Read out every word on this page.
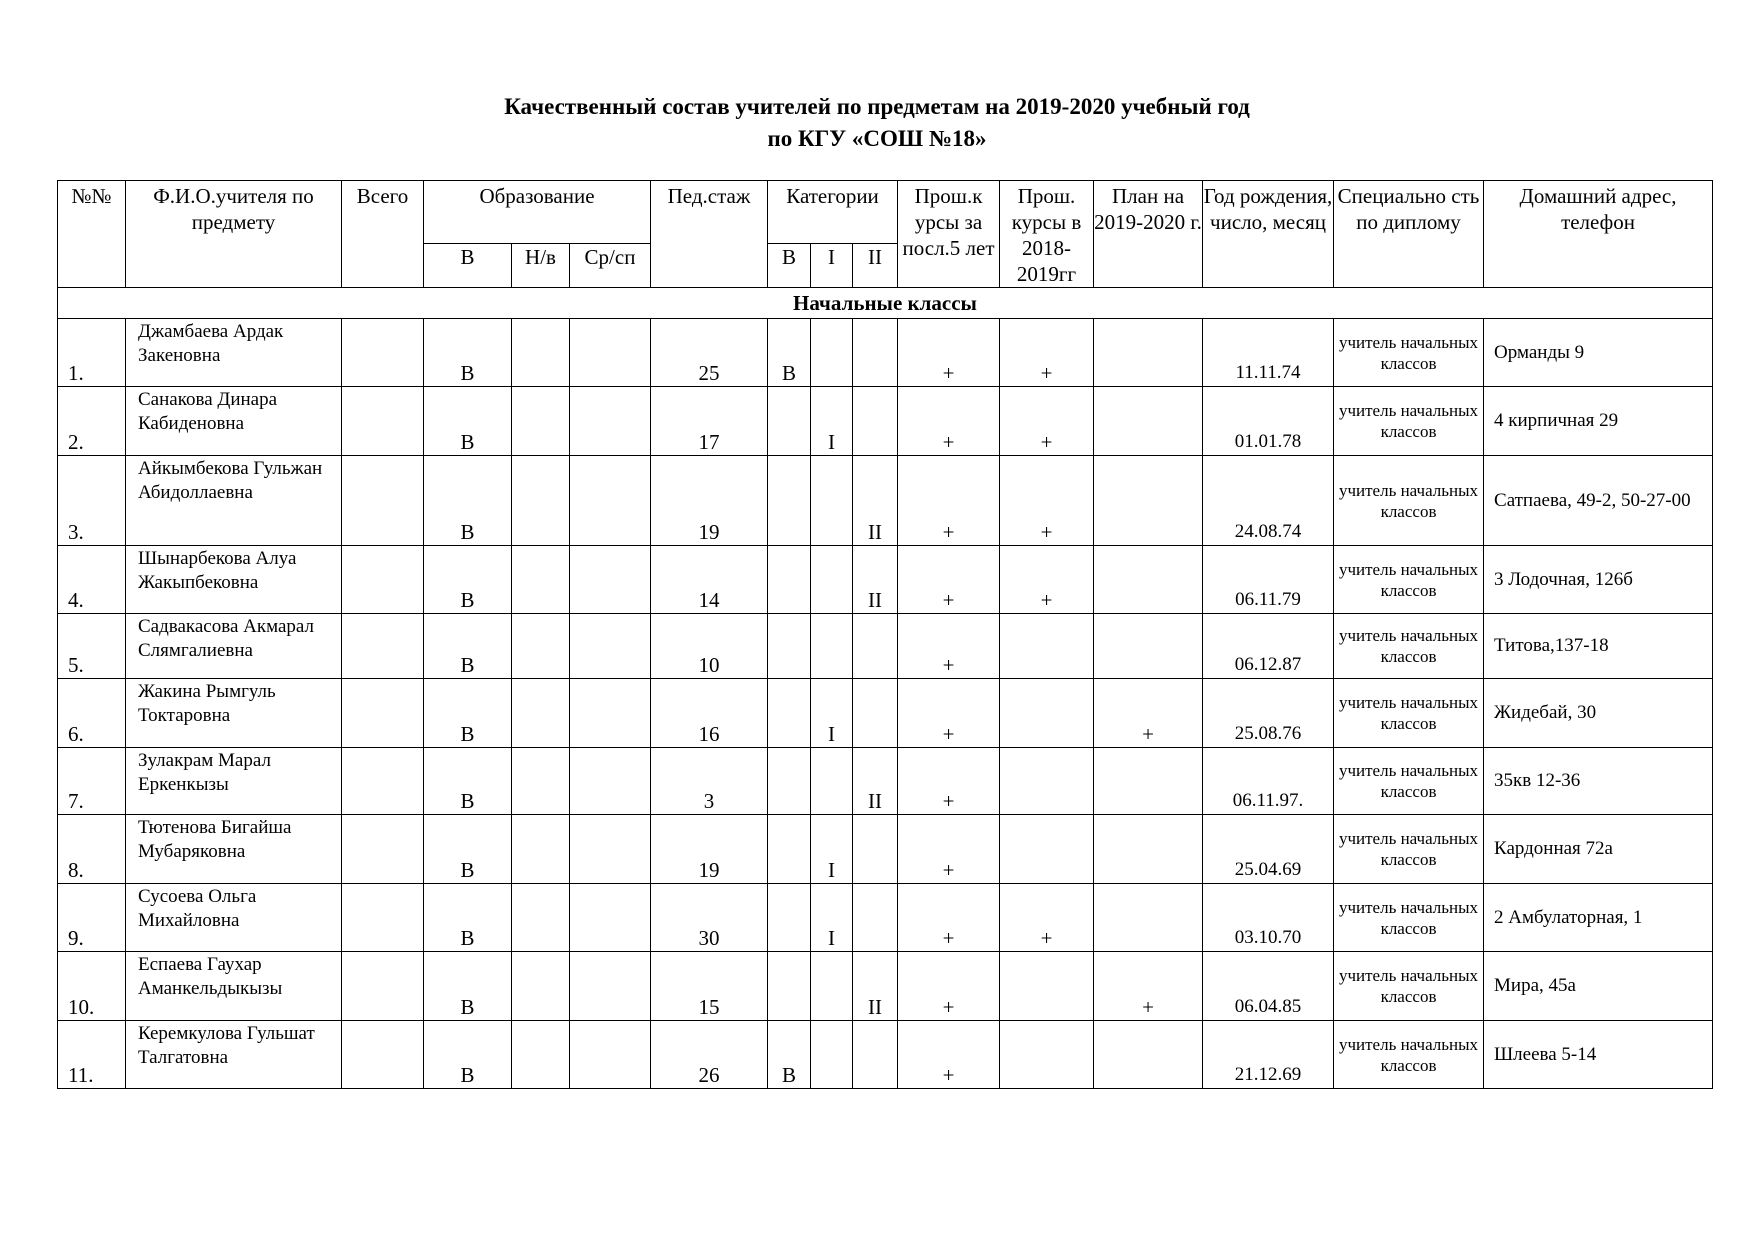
Качественный состав учителей по предметам на 2019-2020 учебный год
по КГУ «СОШ №18»
№№	Ф.И.О.учителя по предмету	Всего	Образование			Пед.стаж	Категории			Прош.к урсы за посл.5 лет	Прош. курсы в 2018-2019гг	План на 2019-2020 г.	Год рождения, число, месяц	Специально сть по диплому	Домашний адрес, телефон
			В	Н/в	Ср/сп		В	I	II						
Начальные классы															
1.	Джамбаева Ардак Закеновна		В			25	В			+	+		11.11.74	учитель начальных классов	Орманды 9
2.	Санакова Динара Кабиденовна		В			17		I		+	+		01.01.78	учитель начальных классов	4 кирпичная 29
3.	Айкымбекова Гульжан Абидоллаевна		В			19			II	+	+		24.08.74	учитель начальных классов	Сатпаева, 49-2, 50-27-00
4.	Шынарбекова Алуа Жакыпбековна		В			14			II	+	+		06.11.79	учитель начальных классов	3 Лодочная, 126б
5.	Садвакасова Акмарал Слямгалиевна		В			10				+			06.12.87	учитель начальных классов	Титова,137-18
6.	Жакина Рымгуль Токтаровна		В			16		I		+		+	25.08.76	учитель начальных классов	Жидебай, 30
7.	Зулакрам Марал Еркенкызы		В			3			II	+			06.11.97.	учитель начальных классов	35кв 12-36
8.	Тютенова Бигайша Мубаряковна		В			19		I		+			25.04.69	учитель начальных классов	Кардонная 72а
9.	Сусоева Ольга Михайловна		В			30		I		+	+		03.10.70	учитель начальных классов	2 Амбулаторная, 1
10.	Еспаева Гаухар Аманкельдыкызы		В			15			II	+		+	06.04.85	учитель начальных классов	Мира, 45а
11.	Керемкулова Гульшат Талгатовна		В			26	В			+			21.12.69	учитель начальных классов	Шлеева 5-14
